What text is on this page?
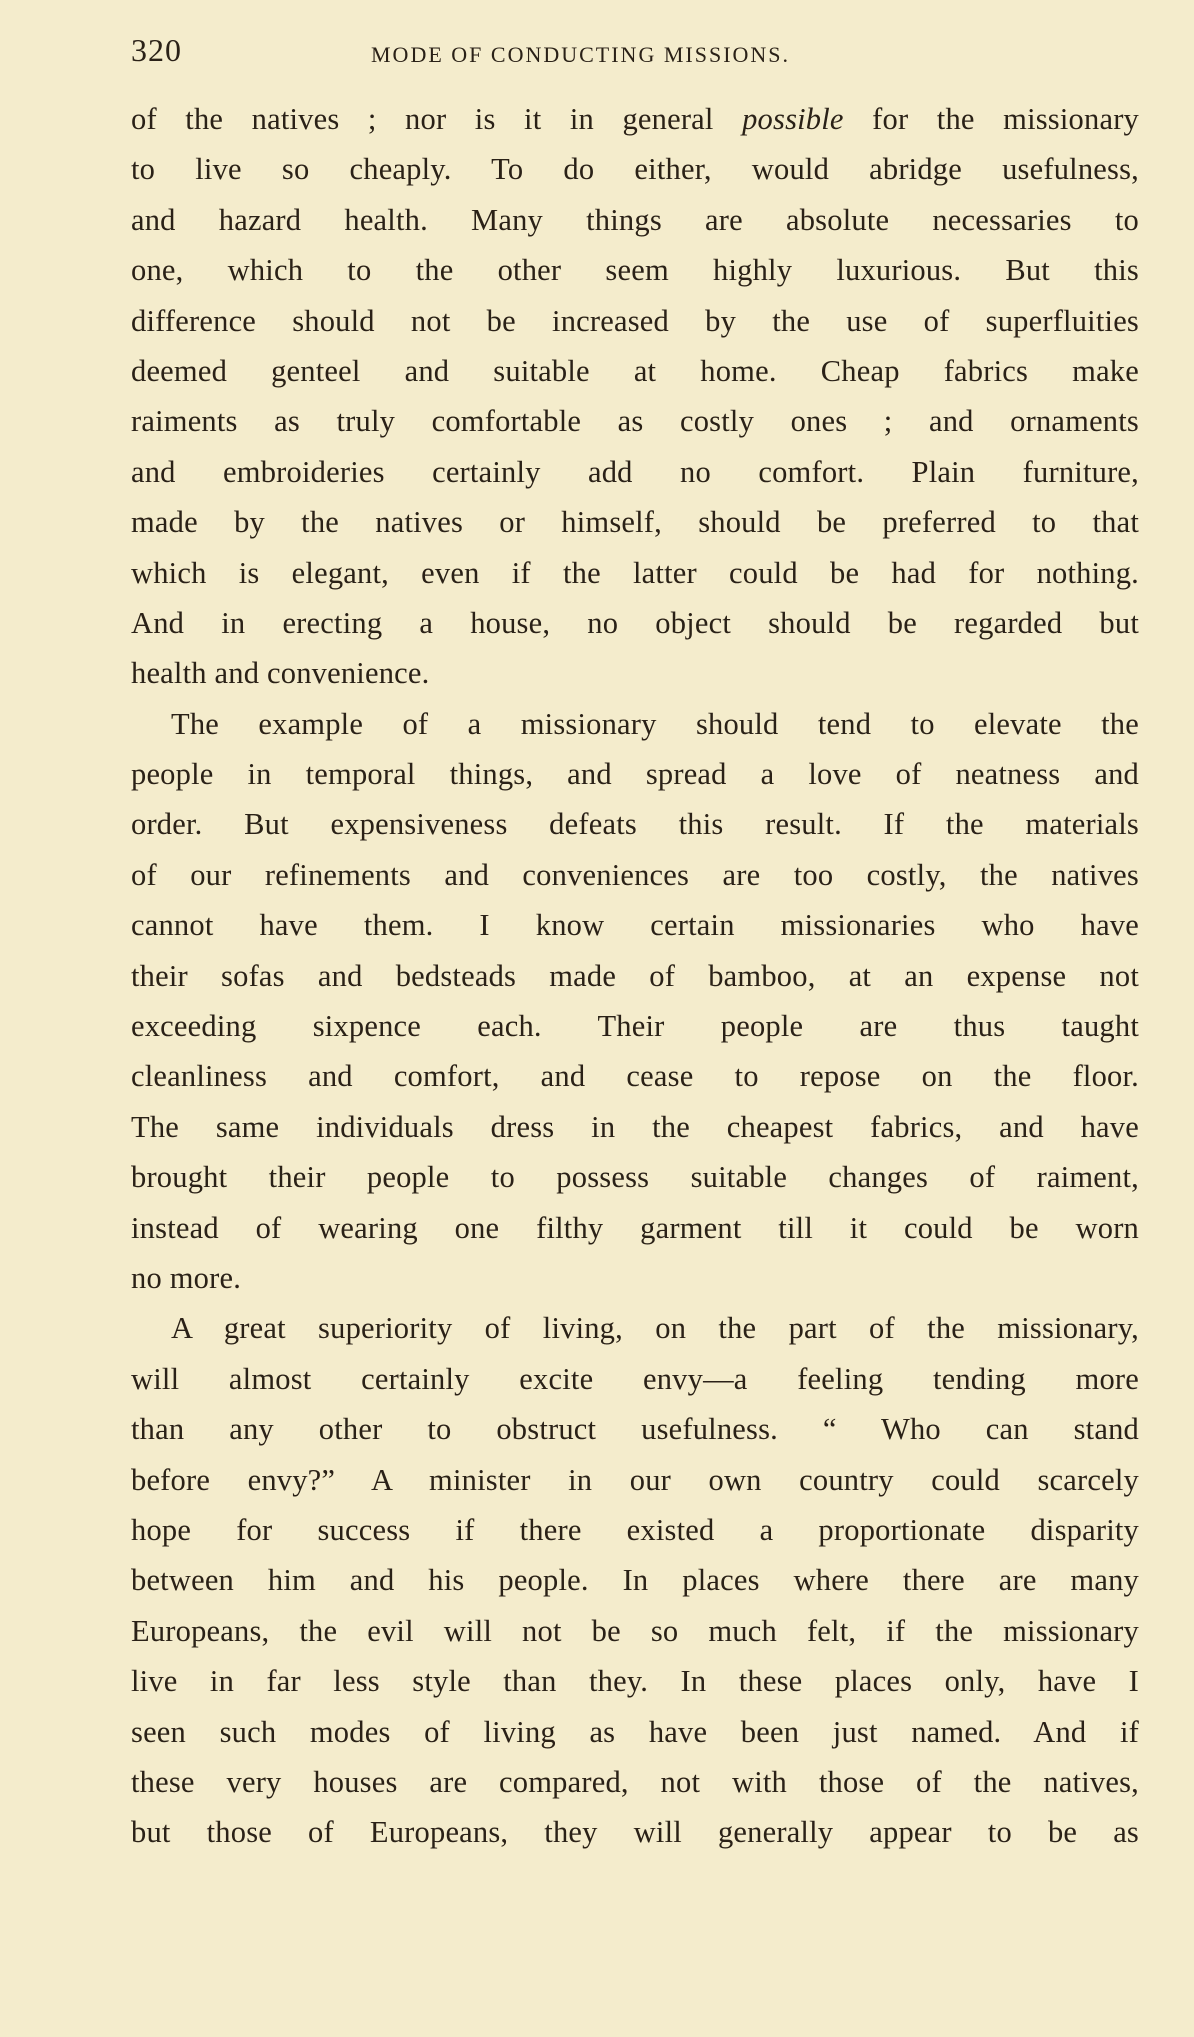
320	MODE OF CONDUCTING MISSIONS.
of the natives ; nor is it in general possible for the missionary
to live so cheaply. To do either, would abridge usefulness,
and hazard health. Many things are absolute necessaries to
one, which to the other seem highly luxurious. But this
difference should not be increased by the use of superfluities
deemed genteel and suitable at home. Cheap fabrics make
raiments as truly comfortable as costly ones ; and ornaments
and embroideries certainly add no comfort. Plain furniture,
made by the natives or himself, should be preferred to that
which is elegant, even if the latter could be had for nothing.
And in erecting a house, no object should be regarded but
health and convenience.
The example of a missionary should tend to elevate the
people in temporal things, and spread a love of neatness and
order. But expensiveness defeats this result. If the materials
of our refinements and conveniences are too costly, the natives
cannot have them. I know certain missionaries who have
their sofas and bedsteads made of bamboo, at an expense not
exceeding sixpence each. Their people are thus taught
cleanliness and comfort, and cease to repose on the floor.
The same individuals dress in the cheapest fabrics, and have
brought their people to possess suitable changes of raiment,
instead of wearing one filthy garment till it could be worn
no more.
A great superiority of living, on the part of the missionary,
will almost certainly excite envy—a feeling tending more
than any other to obstruct usefulness. “ Who can stand
before envy?” A minister in our own country could scarcely
hope for success if there existed a proportionate disparity
between him and his people. In places where there are many
Europeans, the evil will not be so much felt, if the missionary
live in far less style than they. In these places only, have I
seen such modes of living as have been just named. And if
these very houses are compared, not with those of the natives,
but those of Europeans, they will generally appear to be as
